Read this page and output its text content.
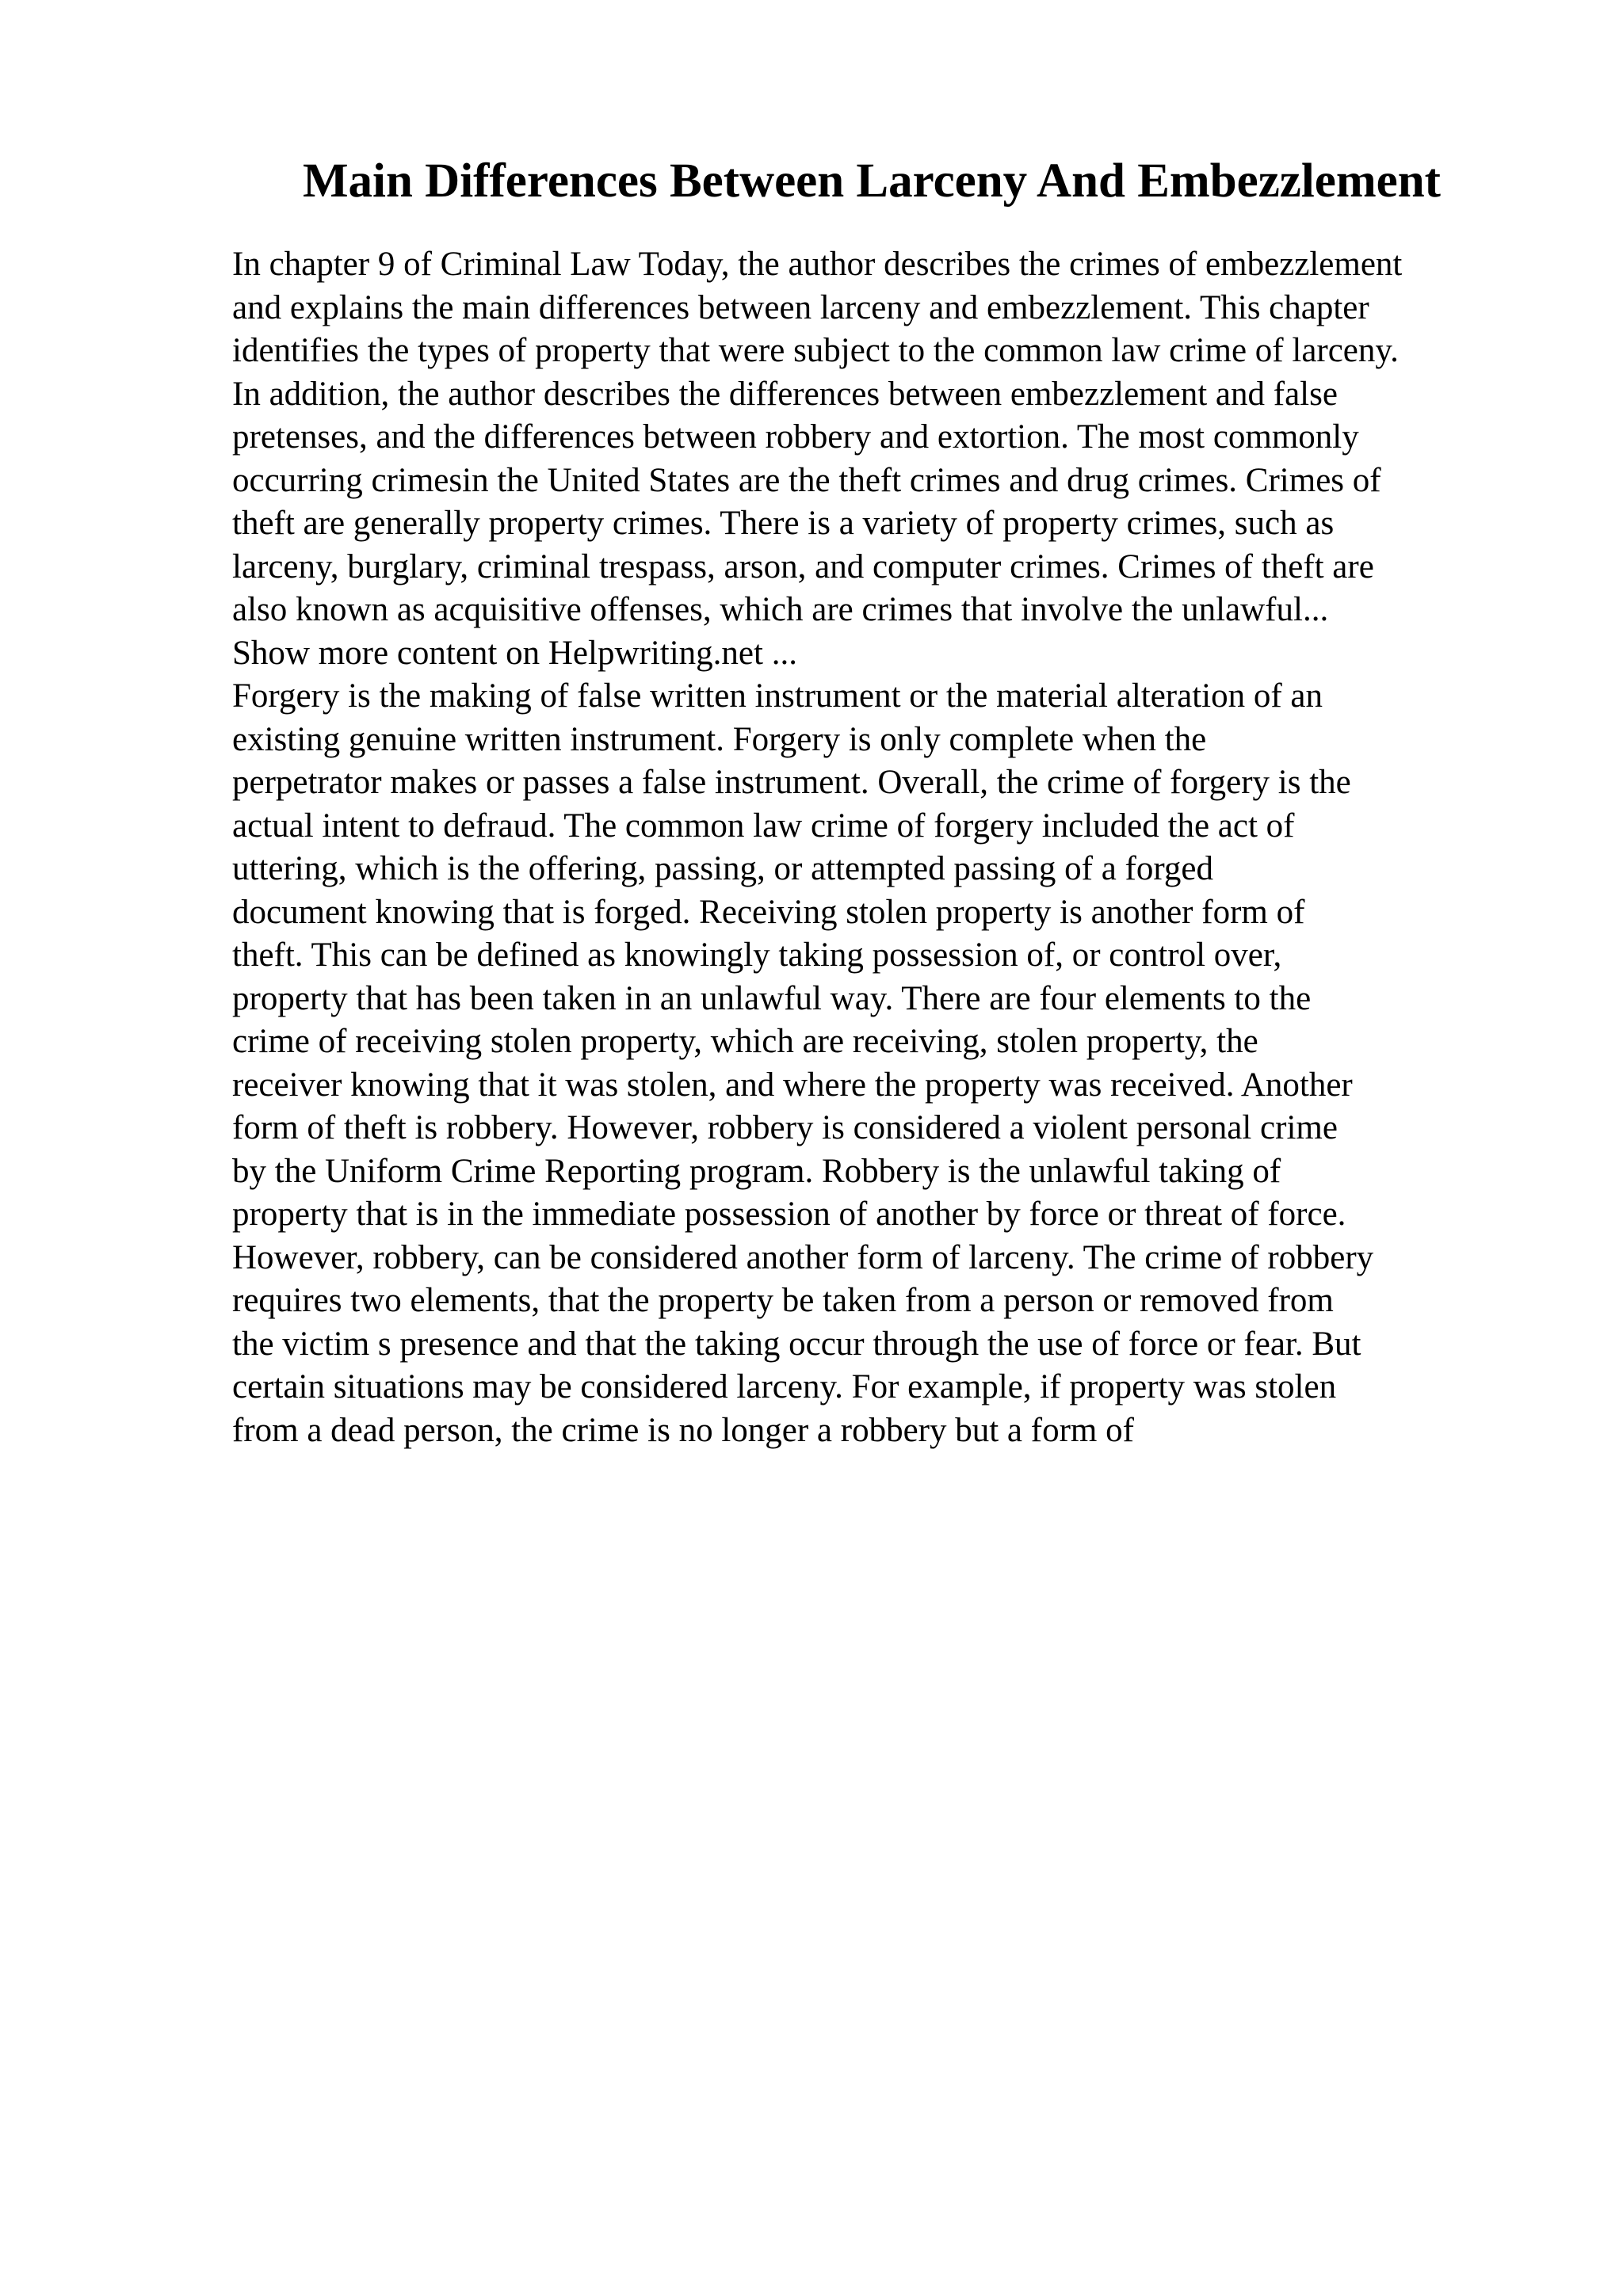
Main Differences Between Larceny And Embezzlement
In chapter 9 of Criminal Law Today, the author describes the crimes of embezzlement
and explains the main differences between larceny and embezzlement. This chapter
identifies the types of property that were subject to the common law crime of larceny.
In addition, the author describes the differences between embezzlement and false
pretenses, and the differences between robbery and extortion. The most commonly
occurring crimesin the United States are the theft crimes and drug crimes. Crimes of
theft are generally property crimes. There is a variety of property crimes, such as
larceny, burglary, criminal trespass, arson, and computer crimes. Crimes of theft are
also known as acquisitive offenses, which are crimes that involve the unlawful...
Show more content on Helpwriting.net ...
Forgery is the making of false written instrument or the material alteration of an
existing genuine written instrument. Forgery is only complete when the
perpetrator makes or passes a false instrument. Overall, the crime of forgery is the
actual intent to defraud. The common law crime of forgery included the act of
uttering, which is the offering, passing, or attempted passing of a forged
document knowing that is forged. Receiving stolen property is another form of
theft. This can be defined as knowingly taking possession of, or control over,
property that has been taken in an unlawful way. There are four elements to the
crime of receiving stolen property, which are receiving, stolen property, the
receiver knowing that it was stolen, and where the property was received. Another
form of theft is robbery. However, robbery is considered a violent personal crime
by the Uniform Crime Reporting program. Robbery is the unlawful taking of
property that is in the immediate possession of another by force or threat of force.
However, robbery, can be considered another form of larceny. The crime of robbery
requires two elements, that the property be taken from a person or removed from
the victim s presence and that the taking occur through the use of force or fear. But
certain situations may be considered larceny. For example, if property was stolen
from a dead person, the crime is no longer a robbery but a form of
